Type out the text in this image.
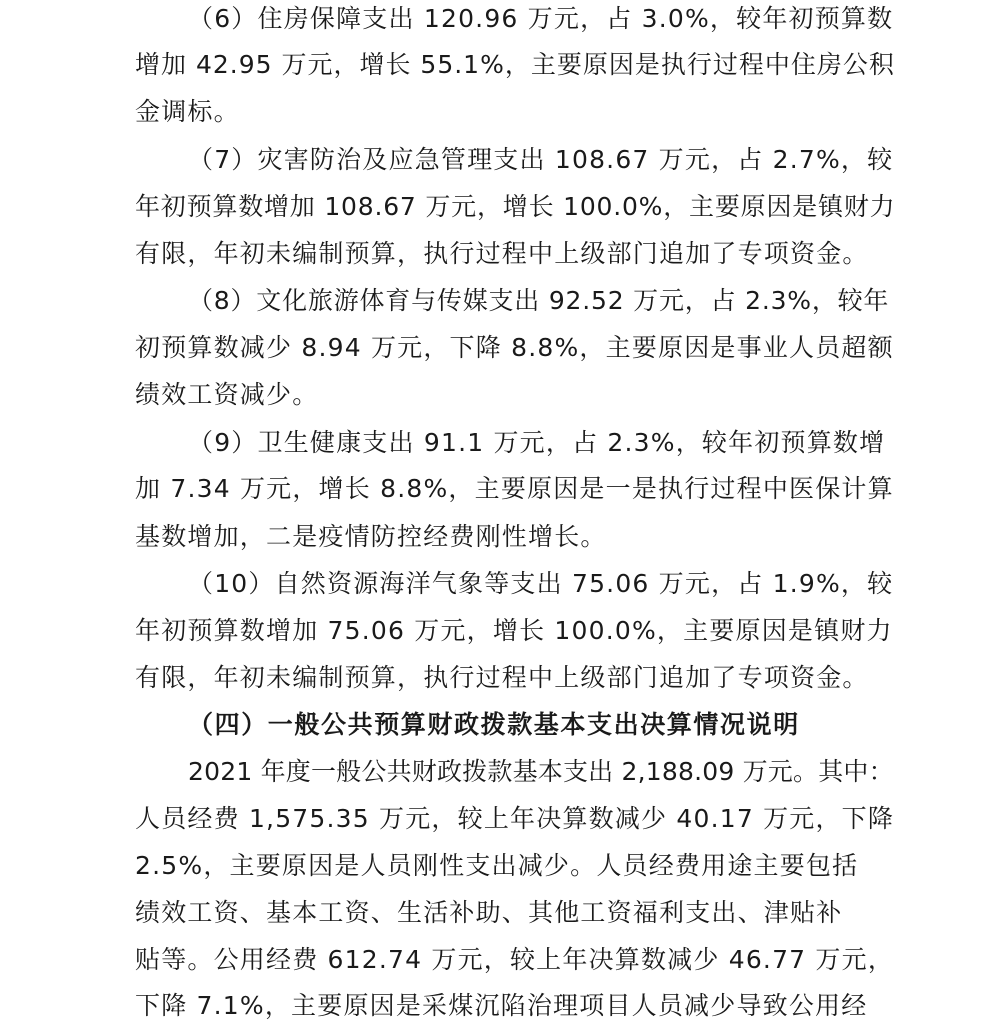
（6）住房保障支出 120.96 万元，占 3.0%，较年初预算数
增加 42.95 万元，增长 55.1%，主要原因是执行过程中住房公积
金调标。
（7）灾害防治及应急管理支出 108.67 万元，占 2.7%，较
年初预算数增加 108.67 万元，增长 100.0%，主要原因是镇财力
有限，年初未编制预算，执行过程中上级部门追加了专项资金。
（8）文化旅游体育与传媒支出 92.52 万元，占 2.3%，较年
初预算数减少 8.94 万元，下降 8.8%，主要原因是事业人员超额
绩效工资减少。
（9）卫生健康支出 91.1 万元，占 2.3%，较年初预算数增
加 7.34 万元，增长 8.8%，主要原因是一是执行过程中医保计算
基数增加，二是疫情防控经费刚性增长。
（10）自然资源海洋气象等支出 75.06 万元，占 1.9%，较
年初预算数增加 75.06 万元，增长 100.0%，主要原因是镇财力
有限，年初未编制预算，执行过程中上级部门追加了专项资金。
（四）一般公共预算财政拨款基本支出决算情况说明
2021 年度一般公共财政拨款基本支出 2,188.09 万元。其中：
人员经费 1,575.35 万元，较上年决算数减少 40.17 万元，下降
2.5%，主要原因是人员刚性支出减少。人员经费用途主要包括
绩效工资、基本工资、生活补助、其他工资福利支出、津贴补
贴等。公用经费 612.74 万元，较上年决算数减少 46.77 万元，
下降 7.1%，主要原因是采煤沉陷治理项目人员减少导致公用经
